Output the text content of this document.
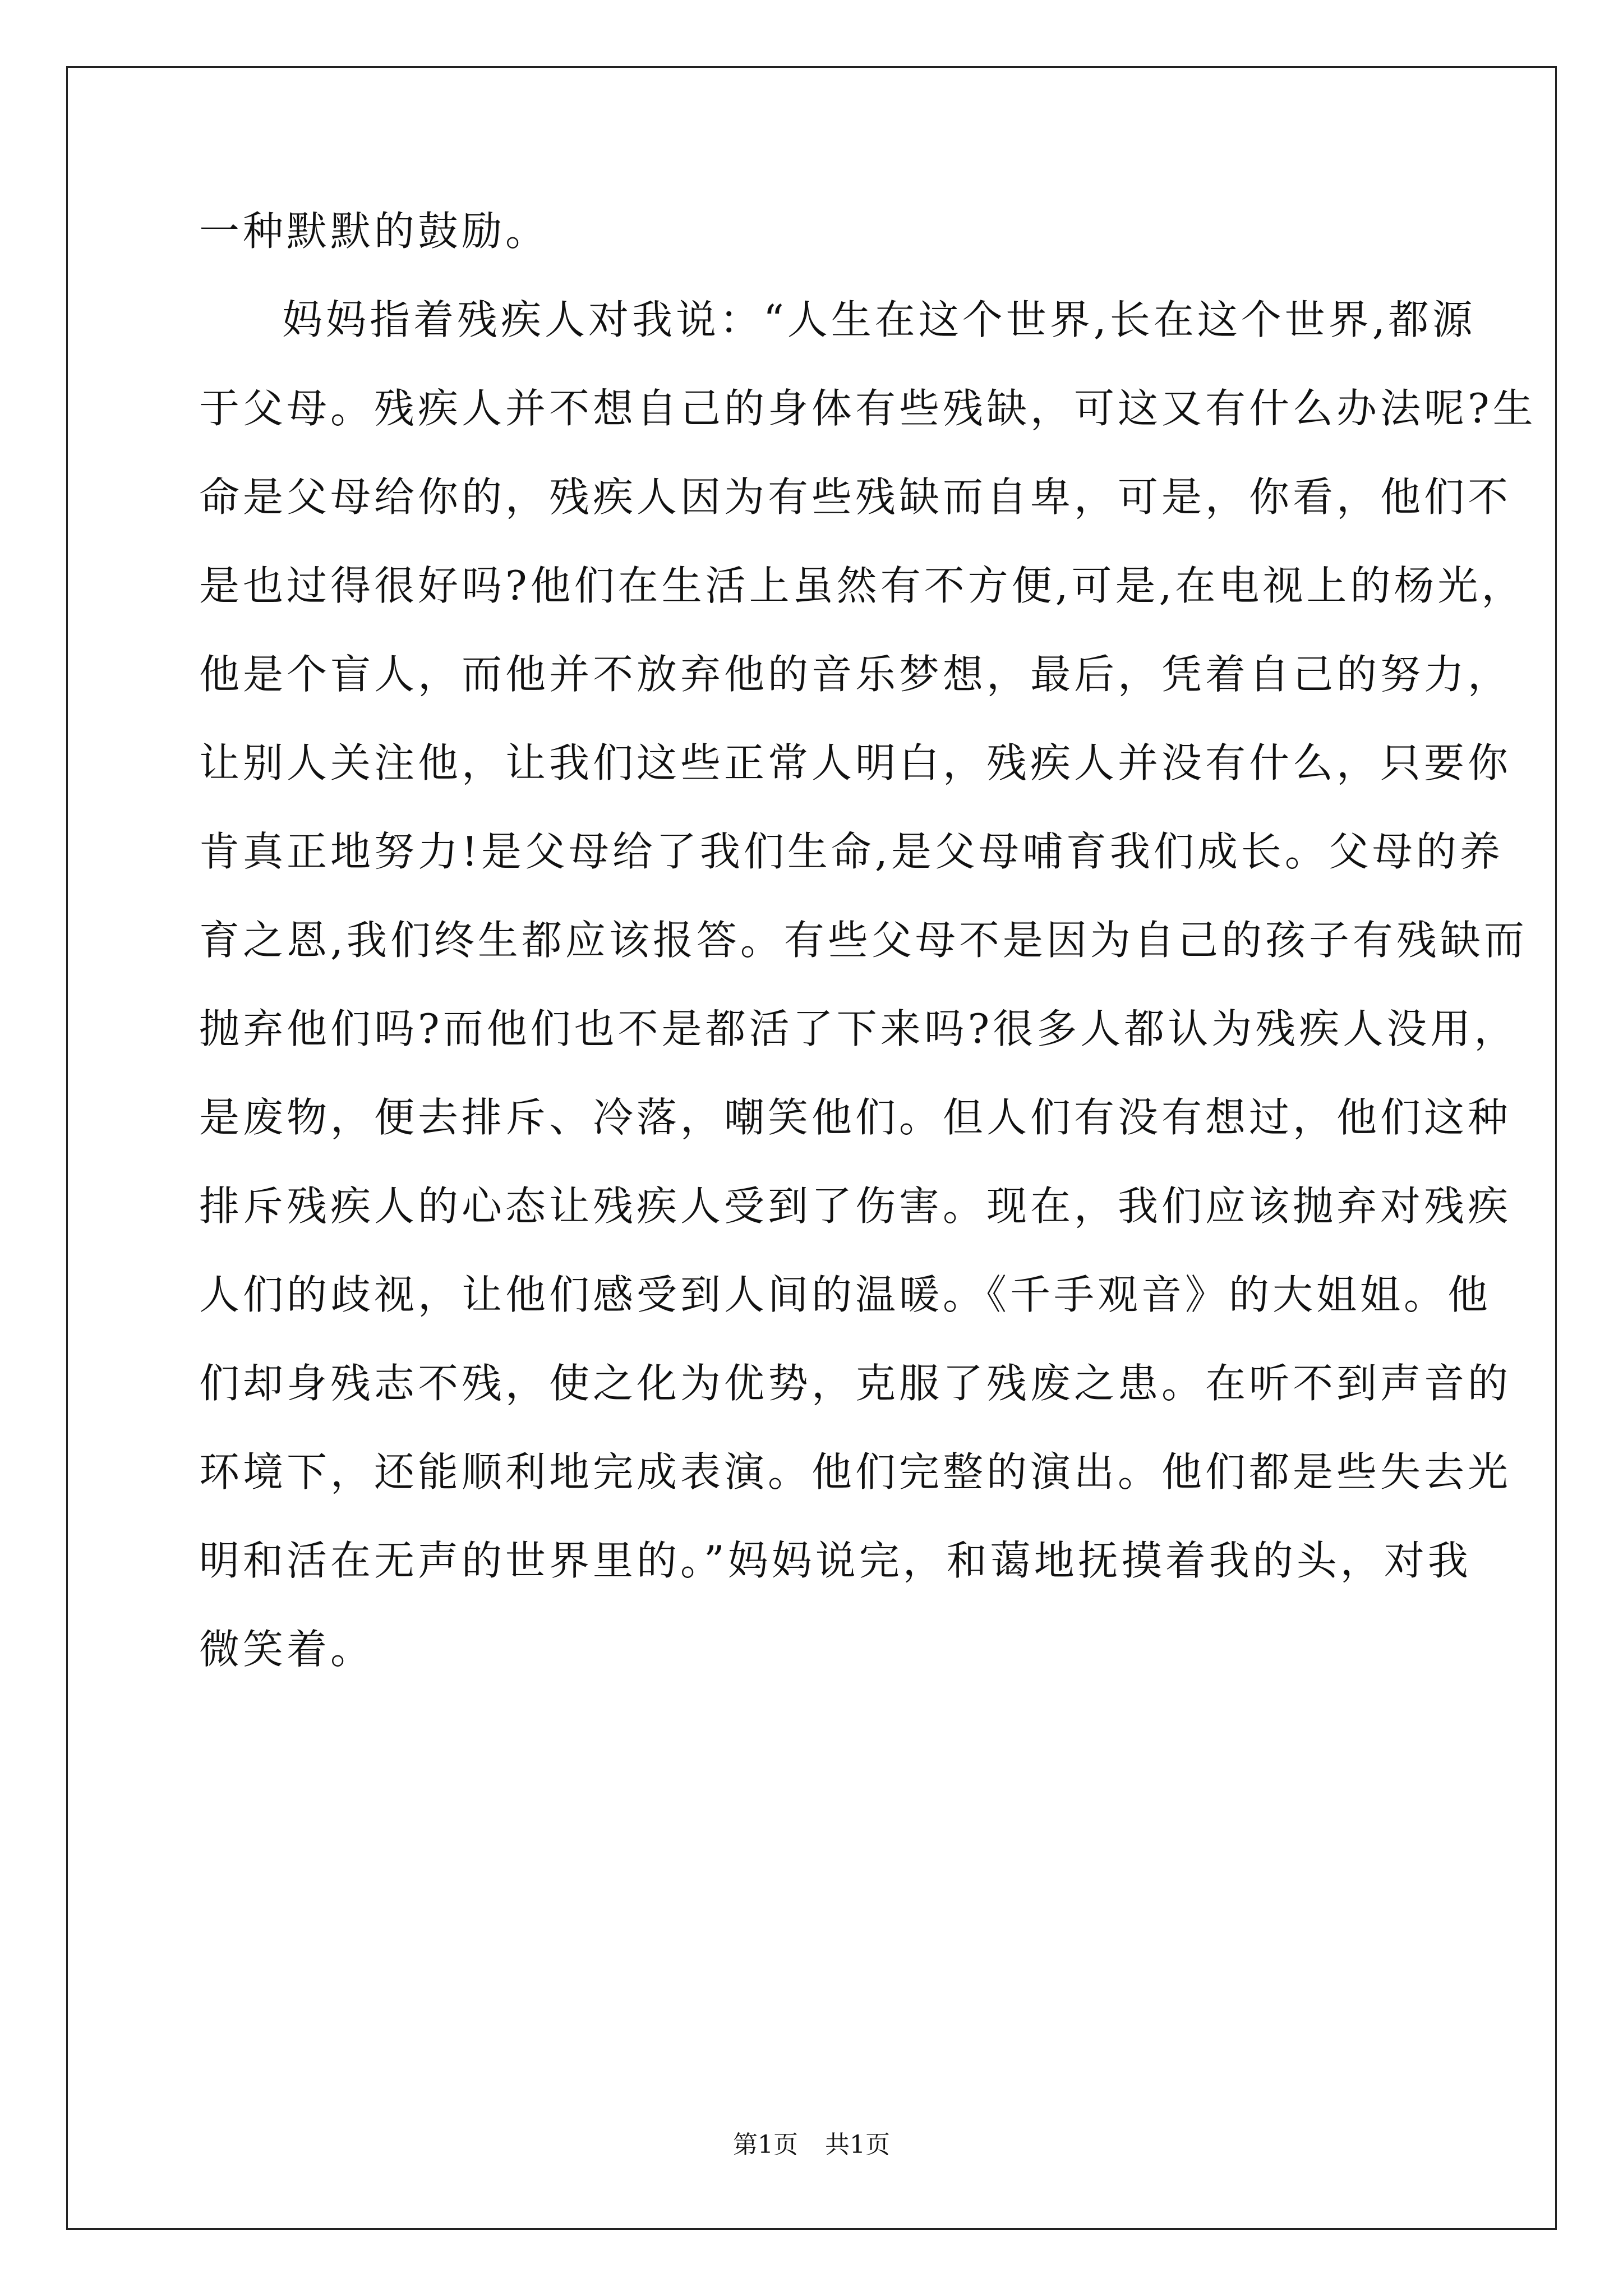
一种默默的鼓励。
妈妈指着残疾人对我说：“人生在这个世界,长在这个世界,都源
于父母。残疾人并不想自己的身体有些残缺，可这又有什么办法呢?生
命是父母给你的，残疾人因为有些残缺而自卑，可是，你看，他们不
是也过得很好吗?他们在生活上虽然有不方便,可是,在电视上的杨光，
他是个盲人，而他并不放弃他的音乐梦想，最后，凭着自己的努力，
让别人关注他，让我们这些正常人明白，残疾人并没有什么，只要你
肯真正地努力!是父母给了我们生命,是父母哺育我们成长。父母的养
育之恩,我们终生都应该报答。有些父母不是因为自己的孩子有残缺而
抛弃他们吗?而他们也不是都活了下来吗?很多人都认为残疾人没用，
是废物，便去排斥、冷落，嘲笑他们。但人们有没有想过，他们这种
排斥残疾人的心态让残疾人受到了伤害。现在，我们应该抛弃对残疾
人们的歧视，让他们感受到人间的温暖。《千手观音》的大姐姐。他
们却身残志不残，使之化为优势，克服了残废之患。在听不到声音的
环境下，还能顺利地完成表演。他们完整的演出。他们都是些失去光
明和活在无声的世界里的。”妈妈说完，和蔼地抚摸着我的头，对我
微笑着。
第1页 共1页
